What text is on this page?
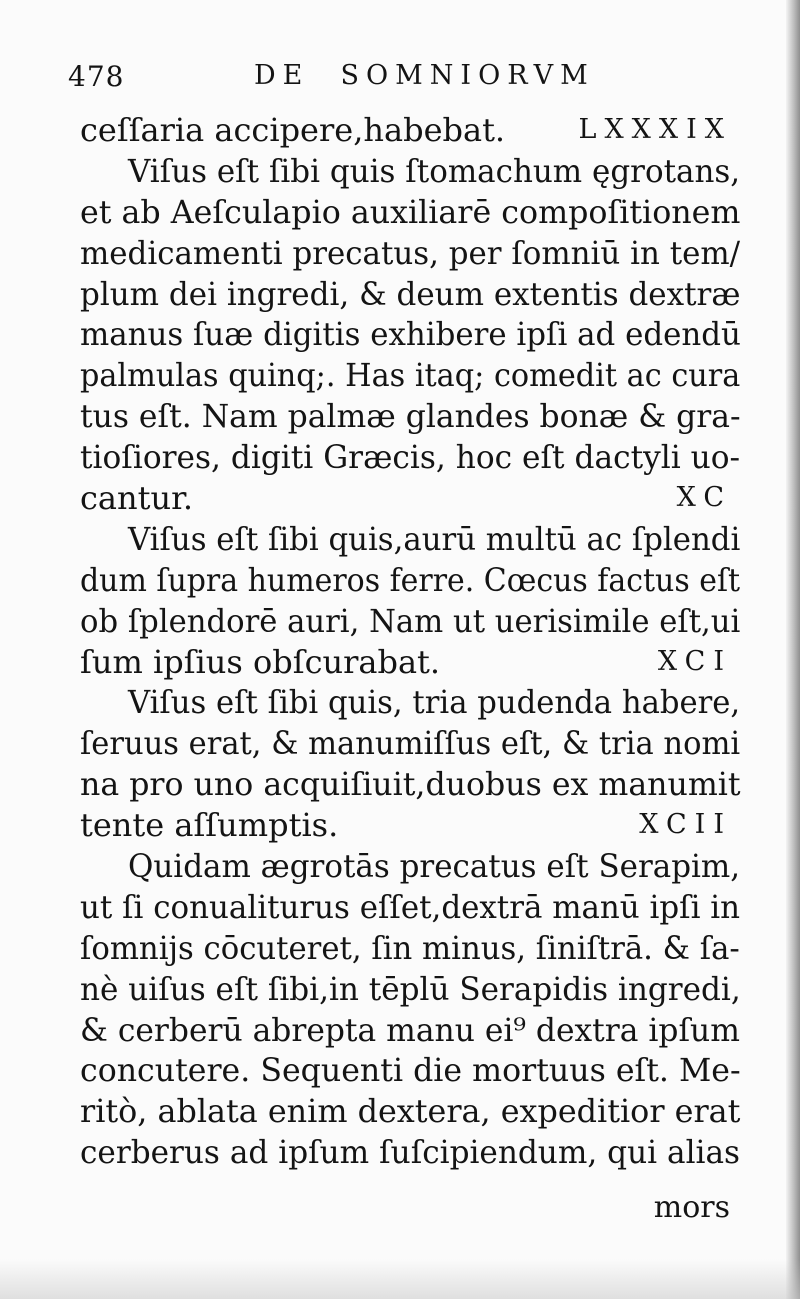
478	DE  SOMNIORVM
ceſſaria accipere,habebat.	LXXXIX
Viſus eſt ſibi quis ſtomachum ęgrotans,
et ab Aeſculapio auxiliarē compoſitionem
medicamenti precatus, per ſomniū in tem/
plum dei ingredi, & deum extentis dextræ
manus ſuæ digitis exhibere ipſi ad edendū
palmulas quinq;. Has itaq; comedit ac cura
tus eſt. Nam palmæ glandes bonæ & gra-
tioſiores, digiti Græcis, hoc eſt dactyli uo-
cantur.	XC
Viſus eſt ſibi quis,aurū multū ac ſplendi
dum ſupra humeros ferre. Cœcus factus eſt
ob ſplendorē auri, Nam ut uerisimile eſt,ui
ſum ipſius obſcurabat.	XCI
Viſus eſt ſibi quis, tria pudenda habere,
ſeruus erat, & manumiſſus eſt, & tria nomi
na pro uno acquiſiuit,duobus ex manumit
tente aſſumptis.	XCII
Quidam ægrotās precatus eſt Serapim,
ut ſi conualiturus eſſet,dextrā manū ipſi in
ſomnijs cōcuteret, ſin minus, ſiniſtrā. & ſa-
nè uiſus eſt ſibi,in tēplū Serapidis ingredi,
& cerberū abrepta manu ei⁹ dextra ipſum
concutere. Sequenti die mortuus eſt. Me-
ritò, ablata enim dextera, expeditior erat
cerberus ad ipſum ſuſcipiendum, qui alias
mors
